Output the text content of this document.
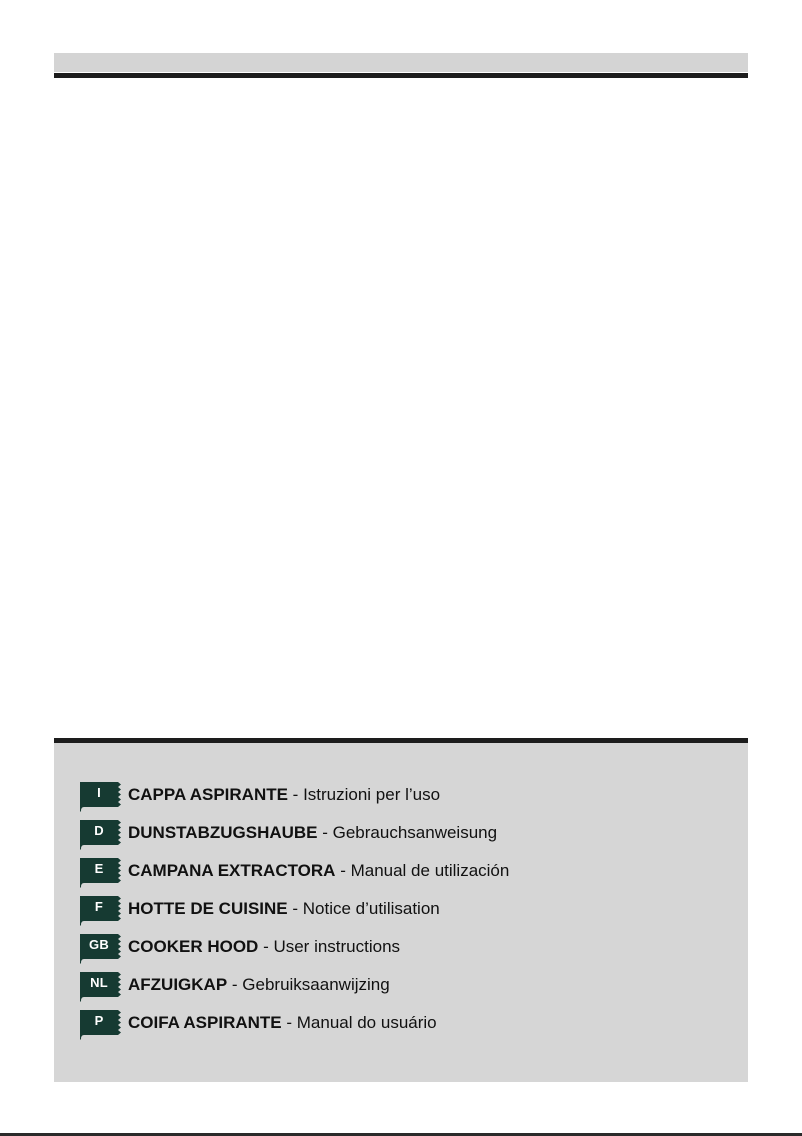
I	CAPPA ASPIRANTE - Istruzioni per l’uso
D	DUNSTABZUGSHAUBE - Gebrauchsanweisung
E	CAMPANA EXTRACTORA - Manual de utilización
F	HOTTE DE CUISINE - Notice d’utilisation
GB	COOKER HOOD - User instructions
NL	AFZUIGKAP - Gebruiksaanwijzing
P	COIFA ASPIRANTE - Manual do usuário
